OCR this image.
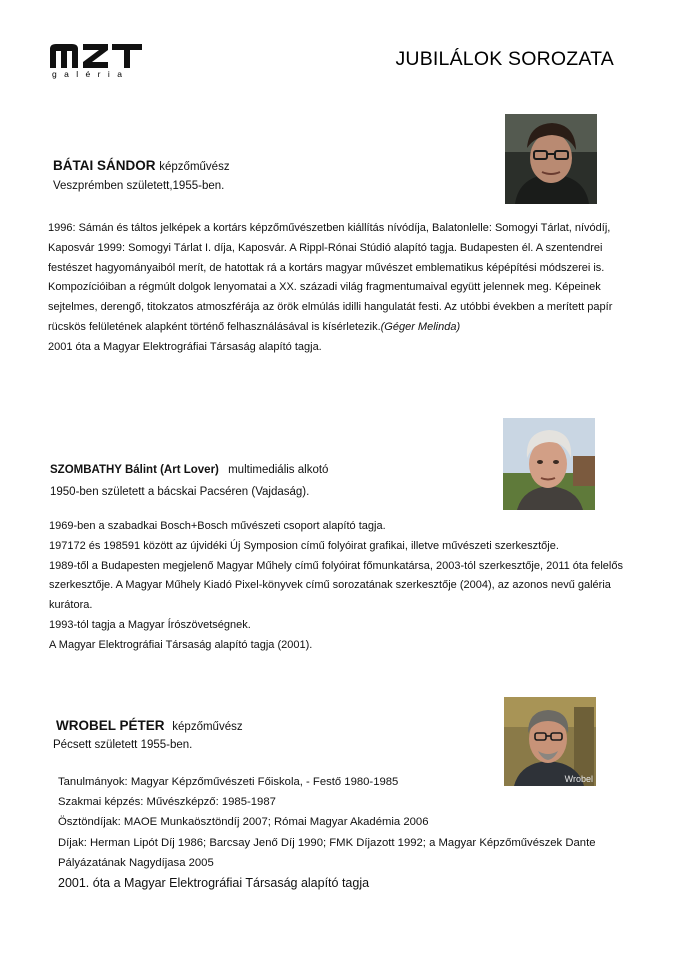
galéria
JUBILÁLOK SOROZATA
BÁTAI SÁNDOR képzőművész
Veszprémben született,1955-ben.

1996: Sámán és táltos jelképek a kortárs képzőművészetben kiállítás nívódíja, Balatonlelle: Somogyi Tárlat, nívódíj,

Kaposvár 1999: Somogyi Tárlat I. díja, Kaposvár. A Rippl-Rónai Stúdió alapító tagja. Budapesten él. A szentendrei

festészet hagyományaiból merít, de hatottak rá a kortárs magyar művészet emblematikus képépítési módszerei is.

Kompozícióiban a régmúlt dolgok lenyomatai a XX. századi világ fragmentumaival együtt jelennek meg. Képeinek

sejtelmes, derengő, titokzatos atmoszférája az örök elmúlás idilli hangulatát festi. Az utóbbi években a merített papír

rücskös felületének alapként történő felhasználásával is kísérletezik.(Géger Melinda)

2001 óta a Magyar Elektrográfiai Társaság alapító tagja.

SZOMBATHY Bálint (Art Lover) multimediális alkotó
1950-ben született a bácskai Pacséren (Vajdaság).

1969-ben a szabadkai Bosch+Bosch művészeti csoport alapító tagja.

197172 és 198591 között az újvidéki Új Symposion című folyóirat grafikai, illetve művészeti szerkesztője.

1989-től a Budapesten megjelenő Magyar Műhely című folyóirat főmunkatársa, 2003-tól szerkesztője, 2011 óta felelős

szerkesztője. A Magyar Műhely Kiadó Pixel-könyvek című sorozatának szerkesztője (2004), az azonos nevű galéria

kurátora.

1993-tól tagja a Magyar Írószövetségnek.

A Magyar Elektrográfiai Társaság alapító tagja (2001).

Wrobel
WROBEL PÉTER képzőművész
Pécsett született 1955-ben.

Tanulmányok: Magyar Képzőművészeti Főiskola, - Festő 1980-1985

Szakmai képzés: Művészképző: 1985-1987

Ösztöndíjak: MAOE Munkaösztöndíj 2007; Római Magyar Akadémia 2006

Díjak: Herman Lipót Díj 1986; Barcsay Jenő Díj 1990; FMK Díjazott 1992; a Magyar Képzőművészek Dante

Pályázatának Nagydíjasa 2005

2001. óta a Magyar Elektrográfiai Társaság alapító tagja
